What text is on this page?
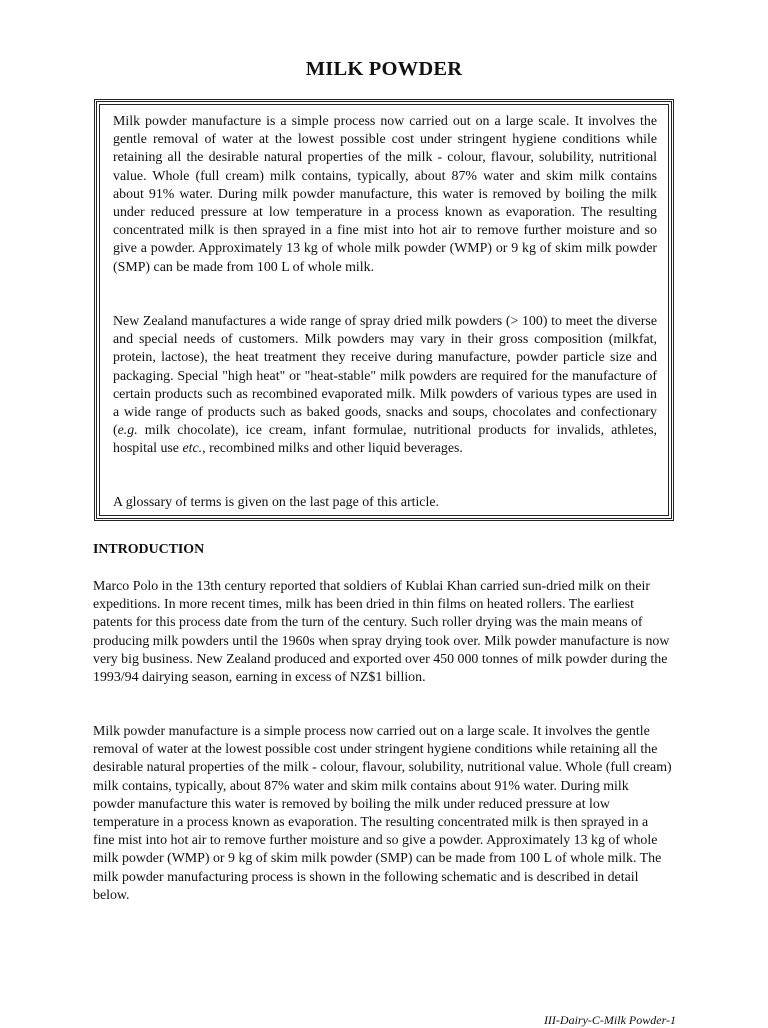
MILK POWDER
Milk powder manufacture is a simple process now carried out on a large scale. It involves the gentle removal of water at the lowest possible cost under stringent hygiene conditions while retaining all the desirable natural properties of the milk - colour, flavour, solubility, nutritional value. Whole (full cream) milk contains, typically, about 87% water and skim milk contains about 91% water. During milk powder manufacture, this water is removed by boiling the milk under reduced pressure at low temperature in a process known as evaporation. The resulting concentrated milk is then sprayed in a fine mist into hot air to remove further moisture and so give a powder. Approximately 13 kg of whole milk powder (WMP) or 9 kg of skim milk powder (SMP) can be made from 100 L of whole milk.
New Zealand manufactures a wide range of spray dried milk powders (> 100) to meet the diverse and special needs of customers. Milk powders may vary in their gross composition (milkfat, protein, lactose), the heat treatment they receive during manufacture, powder particle size and packaging. Special "high heat" or "heat-stable" milk powders are required for the manufacture of certain products such as recombined evaporated milk. Milk powders of various types are used in a wide range of products such as baked goods, snacks and soups, chocolates and confectionary (e.g. milk chocolate), ice cream, infant formulae, nutritional products for invalids, athletes, hospital use etc., recombined milks and other liquid beverages.
A glossary of terms is given on the last page of this article.
INTRODUCTION
Marco Polo in the 13th century reported that soldiers of Kublai Khan carried sun-dried milk on their expeditions. In more recent times, milk has been dried in thin films on heated rollers. The earliest patents for this process date from the turn of the century. Such roller drying was the main means of producing milk powders until the 1960s when spray drying took over. Milk powder manufacture is now very big business. New Zealand produced and exported over 450 000 tonnes of milk powder during the 1993/94 dairying season, earning in excess of NZ$1 billion.
Milk powder manufacture is a simple process now carried out on a large scale. It involves the gentle removal of water at the lowest possible cost under stringent hygiene conditions while retaining all the desirable natural properties of the milk - colour, flavour, solubility, nutritional value. Whole (full cream) milk contains, typically, about 87% water and skim milk contains about 91% water. During milk powder manufacture this water is removed by boiling the milk under reduced pressure at low temperature in a process known as evaporation. The resulting concentrated milk is then sprayed in a fine mist into hot air to remove further moisture and so give a powder. Approximately 13 kg of whole milk powder (WMP) or 9 kg of skim milk powder (SMP) can be made from 100 L of whole milk. The milk powder manufacturing process is shown in the following schematic and is described in detail below.
III-Dairy-C-Milk Powder-1
